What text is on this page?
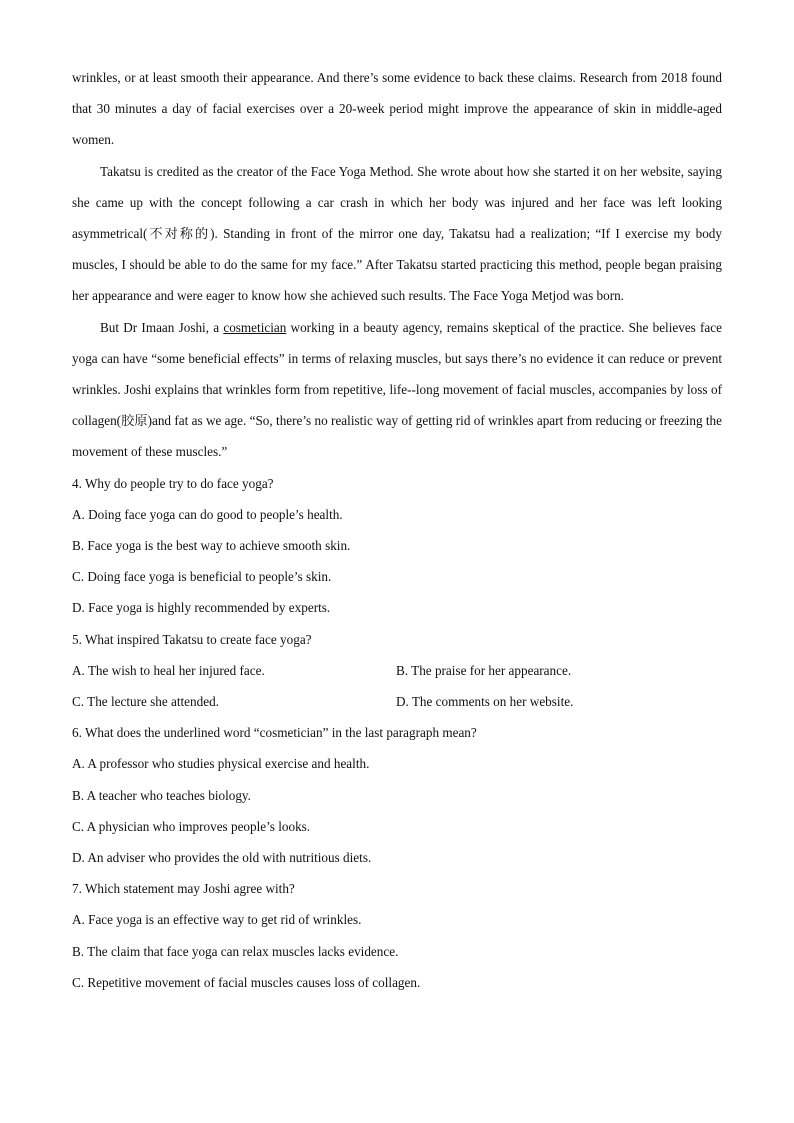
wrinkles, or at least smooth their appearance. And there’s some evidence to back these claims. Research from 2018 found that 30 minutes a day of facial exercises over a 20-week period might improve the appearance of skin in middle-aged women.

Takatsu is credited as the creator of the Face Yoga Method. She wrote about how she started it on her website, saying she came up with the concept following a car crash in which her body was injured and her face was left looking asymmetrical(不对称的). Standing in front of the mirror one day, Takatsu had a realization; “If I exercise my body muscles, I should be able to do the same for my face.” After Takatsu started practicing this method, people began praising her appearance and were eager to know how she achieved such results. The Face Yoga Metjod was born.

But Dr Imaan Joshi, a cosmetician working in a beauty agency, remains skeptical of the practice. She believes face yoga can have “some beneficial effects” in terms of relaxing muscles, but says there’s no evidence it can reduce or prevent wrinkles. Joshi explains that wrinkles form from repetitive, life--long movement of facial muscles, accompanies by loss of collagen(胶原)and fat as we age. “So, there’s no realistic way of getting rid of wrinkles apart from reducing or freezing the movement of these muscles.”

4. Why do people try to do face yoga?
A. Doing face yoga can do good to people’s health.
B. Face yoga is the best way to achieve smooth skin.
C. Doing face yoga is beneficial to people’s skin.
D. Face yoga is highly recommended by experts.
5. What inspired Takatsu to create face yoga?
A. The wish to heal her injured face.	B. The praise for her appearance.
C. The lecture she attended.	D. The comments on her website.
6. What does the underlined word “cosmetician” in the last paragraph mean?
A. A professor who studies physical exercise and health.
B. A teacher who teaches biology.
C. A physician who improves people’s looks.
D. An adviser who provides the old with nutritious diets.
7. Which statement may Joshi agree with?
A. Face yoga is an effective way to get rid of wrinkles.
B. The claim that face yoga can relax muscles lacks evidence.
C. Repetitive movement of facial muscles causes loss of collagen.
